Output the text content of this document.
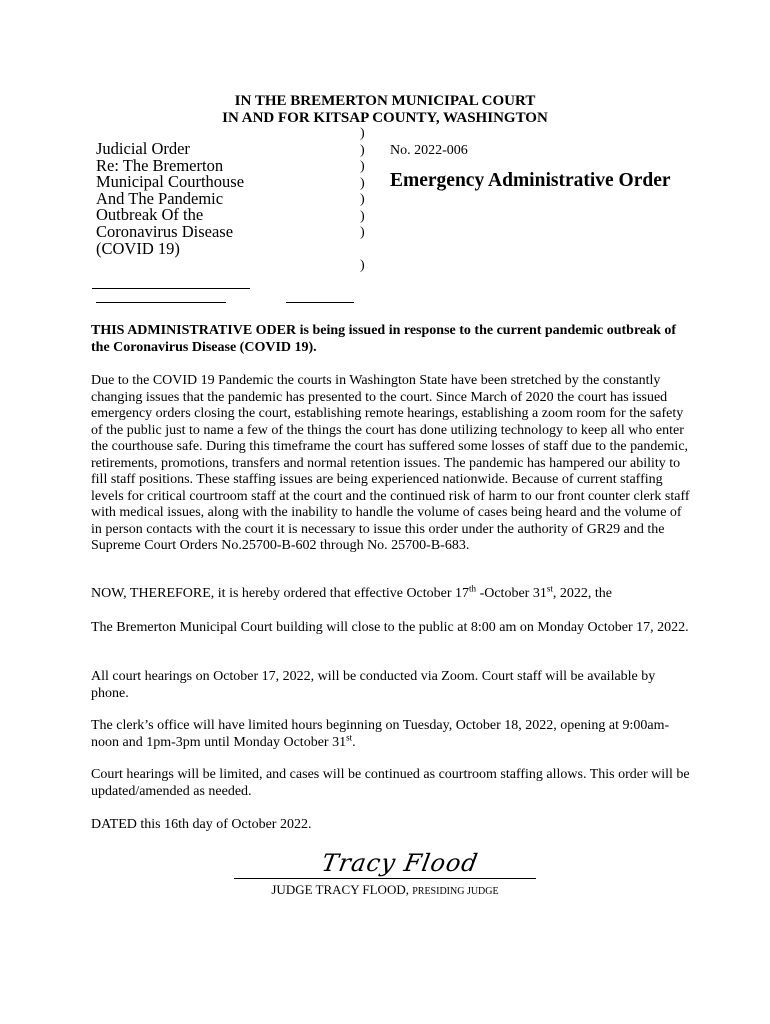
IN THE BREMERTON MUNICIPAL COURT
IN AND FOR KITSAP COUNTY, WASHINGTON
Judicial Order
Re: The Bremerton
Municipal Courthouse
And The Pandemic
Outbreak Of the
Coronavirus Disease
(COVID 19)
)
)
)
)
)
)
)
)
No. 2022-006
Emergency Administrative Order
THIS ADMINISTRATIVE ODER is being issued in response to the current pandemic outbreak of the Coronavirus Disease (COVID 19).
Due to the COVID 19 Pandemic the courts in Washington State have been stretched by the constantly changing issues that the pandemic has presented to the court. Since March of 2020 the court has issued emergency orders closing the court, establishing remote hearings, establishing a zoom room for the safety of the public just to name a few of the things the court has done utilizing technology to keep all who enter the courthouse safe. During this timeframe the court has suffered some losses of staff due to the pandemic, retirements, promotions, transfers and normal retention issues. The pandemic has hampered our ability to fill staff positions. These staffing issues are being experienced nationwide. Because of current staffing levels for critical courtroom staff at the court and the continued risk of harm to our front counter clerk staff with medical issues, along with the inability to handle the volume of cases being heard and the volume of in person contacts with the court it is necessary to issue this order under the authority of GR29 and the Supreme Court Orders No.25700-B-602 through No. 25700-B-683.
NOW, THEREFORE, it is hereby ordered that effective October 17th -October 31st, 2022, the
The Bremerton Municipal Court building will close to the public at 8:00 am on Monday October 17, 2022.
All court hearings on October 17, 2022, will be conducted via Zoom. Court staff will be available by phone.
The clerk’s office will have limited hours beginning on Tuesday, October 18, 2022, opening at 9:00am-noon and 1pm-3pm until Monday October 31st.
Court hearings will be limited, and cases will be continued as courtroom staffing allows. This order will be updated/amended as needed.
DATED this 16th day of October 2022.
Tracy Flood
JUDGE TRACY FLOOD, PRESIDING JUDGE
